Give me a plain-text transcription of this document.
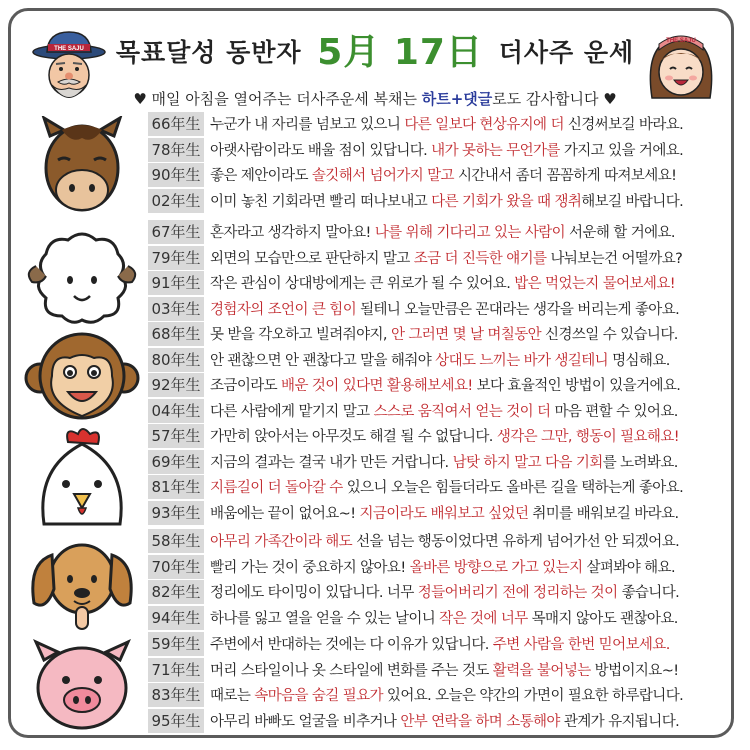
THE SAJU
THE SAJU
목표달성 동반자 5月 17日 더사주 운세
♥ 매일 아침을 열어주는 더사주운세 복채는 하트+댓글로도 감사합니다 ♥
66年生 누군가 내 자리를 넘보고 있으니 다른 일보다 현상유지에 더 신경써보길 바라요.
78年生 아랫사람이라도 배울 점이 있답니다. 내가 못하는 무언가를 가지고 있을 거에요.
90年生 좋은 제안이라도 솔깃해서 넘어가지 말고 시간내서 좀더 꼼꼼하게 따져보세요!
02年生 이미 놓친 기회라면 빨리 떠나보내고 다른 기회가 왔을 때 쟁취해보길 바랍니다.
67年生 혼자라고 생각하지 말아요! 나를 위해 기다리고 있는 사람이 서운해 할 거에요.
79年生 외면의 모습만으로 판단하지 말고 조금 더 진득한 얘기를 나눠보는건 어떨까요?
91年生 작은 관심이 상대방에게는 큰 위로가 될 수 있어요. 밥은 먹었는지 물어보세요!
03年生 경험자의 조언이 큰 힘이 될테니 오늘만큼은 꼰대라는 생각을 버리는게 좋아요.
68年生 못 받을 각오하고 빌려줘야지, 안 그러면 몇 날 며칠동안 신경쓰일 수 있습니다.
80年生 안 괜찮으면 안 괜찮다고 말을 해줘야 상대도 느끼는 바가 생길테니 명심해요.
92年生 조금이라도 배운 것이 있다면 활용해보세요! 보다 효율적인 방법이 있을거에요.
04年生 다른 사람에게 맡기지 말고 스스로 움직여서 얻는 것이 더 마음 편할 수 있어요.
57年生 가만히 앉아서는 아무것도 해결 될 수 없답니다. 생각은 그만, 행동이 필요해요!
69年生 지금의 결과는 결국 내가 만든 거랍니다. 남탓 하지 말고 다음 기회를 노려봐요.
81年生 지름길이 더 돌아갈 수 있으니 오늘은 힘들더라도 올바른 길을 택하는게 좋아요.
93年生 배움에는 끝이 없어요~! 지금이라도 배워보고 싶었던 취미를 배워보길 바라요.
58年生 아무리 가족간이라 해도 선을 넘는 행동이었다면 유하게 넘어가선 안 되겠어요.
70年生 빨리 가는 것이 중요하지 않아요! 올바른 방향으로 가고 있는지 살펴봐야 해요.
82年生 정리에도 타이밍이 있답니다. 너무 정들어버리기 전에 정리하는 것이 좋습니다.
94年生 하나를 잃고 열을 얻을 수 있는 날이니 작은 것에 너무 목매지 않아도 괜찮아요.
59年生 주변에서 반대하는 것에는 다 이유가 있답니다. 주변 사람을 한번 믿어보세요.
71年生 머리 스타일이나 옷 스타일에 변화를 주는 것도 활력을 불어넣는 방법이지요~!
83年生 때로는 속마음을 숨길 필요가 있어요. 오늘은 약간의 가면이 필요한 하루랍니다.
95年生 아무리 바빠도 얼굴을 비추거나 안부 연락을 하며 소통해야 관계가 유지됩니다.
